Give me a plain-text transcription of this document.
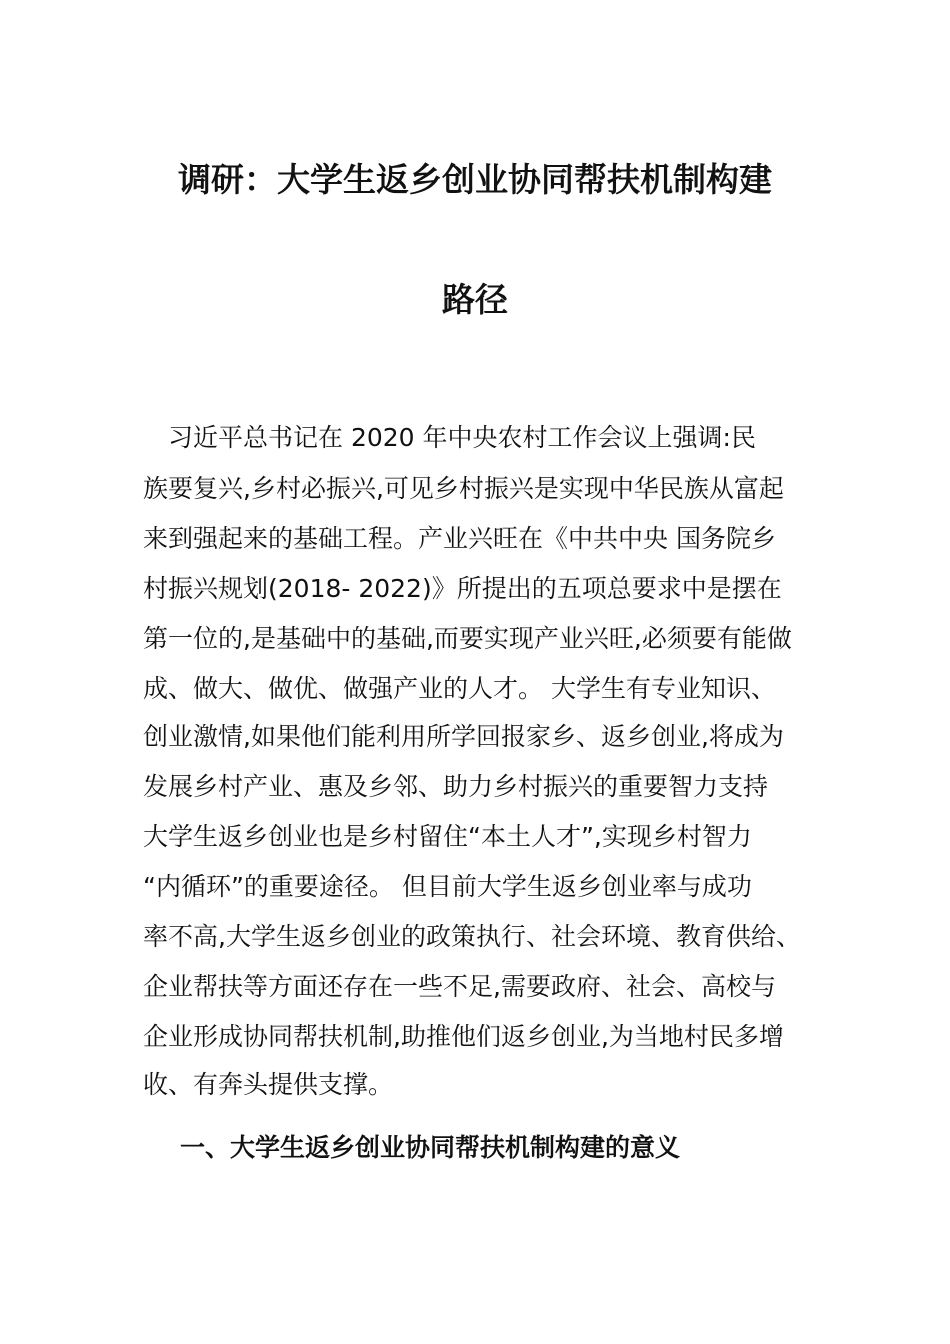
调研：大学生返乡创业协同帮扶机制构建
路径
　习近平总书记在 2020 年中央农村工作会议上强调:民
族要复兴,乡村必振兴,可见乡村振兴是实现中华民族从富起
来到强起来的基础工程。产业兴旺在《中共中央 国务院乡
村振兴规划(2018- 2022)》所提出的五项总要求中是摆在
第一位的,是基础中的基础,而要实现产业兴旺,必须要有能做
成、做大、做优、做强产业的人才。 大学生有专业知识、
创业激情,如果他们能利用所学回报家乡、返乡创业,将成为
发展乡村产业、惠及乡邻、助力乡村振兴的重要智力支持
大学生返乡创业也是乡村留住“本土人才”,实现乡村智力
“内循环”的重要途径。 但目前大学生返乡创业率与成功
率不高,大学生返乡创业的政策执行、社会环境、教育供给、
企业帮扶等方面还存在一些不足,需要政府、社会、高校与
企业形成协同帮扶机制,助推他们返乡创业,为当地村民多增
收、有奔头提供支撑。
一、大学生返乡创业协同帮扶机制构建的意义
